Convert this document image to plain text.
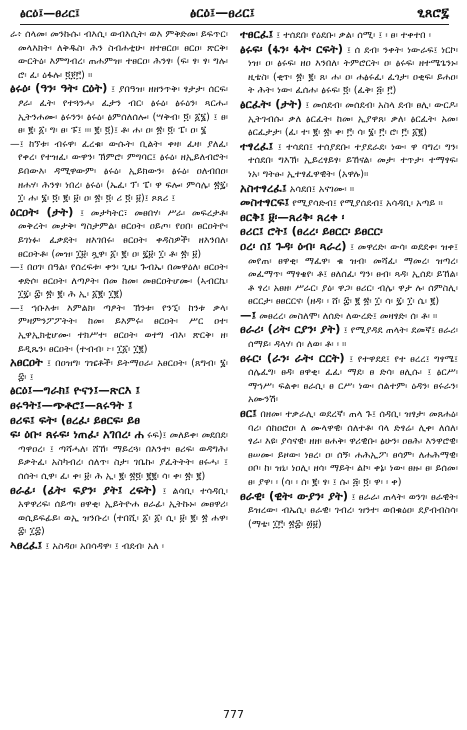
ፅርዕ፤—ፀሪር፤	ፅርዕ፤—ፀሪር፤	ፂጸሮ፯
ራ፥ ሰላመ፡ መንኩሱ፡ ብእሲ፡ ወብእሲት፡ ወእ ምቅድመ፡ ይፍጥር፡ መላእክት፡ ለቅዱስ፡ ሕን ስብሐቲሁ፡ ዘተፀርዐ፡ ፀርዐ፡ ጽርቅ፡ ውርትዕ፡ እምግብረ፡ ጠሐምዝ፡ ተፀርዐ፡ ሕንፃ፡ (ፍ፡ ፃ፡ ፃ፡ ግሉ፡ ሮ፡ ፈ፡ ዕፋሉ፡ ፬፻፫) ።
ፅሩዕ፡ (ዓን፡ ዓት፡ ርዕት) ፤ ያበዓዝ፡ ዘዘንጥቅ፡ ፃታታ፡ ሰርፍ፡ ፆራ፡ ፈት፡ የተጓንሓ፡ ፈታን ብር፡ ፅሩዕ፡ ፅሩዕን፡ ጻርሑ፡ ኢትንሐሙ፡ ፅሩንን፡ ፅሩዕ፡ ፅምሰለሰሎ፡ (ሣቅብ፡ ፬፡ ፩፮) ፤ ፀ፡ ፀ፡ ፪፡ ፩፡ ግ፡ ፀ፡ ፑ፤ ፡፡፡ ፪፡ ፬)፤ ቶ፡ ሐ፡ ዐ፡ ፳፡ ፬፡ ፔ፡ ዐ፡ ፮
—፤ ከኘቱ፡ ብሩዋ፡ ፈረቁ፡ ውሱት፡ ቢልት፡ ቀዛ፡ ፈዛ፡ ያለፈ፡ የቀረ፡ የተዝፈ፡ ውዋን፡ ኽምሮ፡ ምግባር፤ ፅሩዕ፡ ዘኢይለብሮት፡ ይበውእ፡ ዳሚዋውም፡ ፅሩዕ፡ ኢይክውን፡ ፅሩዕ፡ ዐለብበዐ፡ ዘሐሃ፡ ሕንፃ፡ ነበረ፡ ፅሩዕ፡ (ኤፈ፡ ፕ፡ ፔ፡ ዋ ፍሎ፡ ምሳሌ፡ ፳፯፡ ፲፡ ሐ፡ ፮፡ ፬፡ ፪፡ ፱፡ ዐ፡ ፳፡ ፬፡ ሪ ፬፡ ፱)፤ ጾጸሪ ፤
ዕርዐት፡ (ታት) ፤ መታካትር፣ መፀበሃ፡ ሥራ፡ መፍረታቶ፡ መቅረት፡ መታቅ፡ ግስታምል፡ ፀርዐት፡ ዐይጦ፡ የዐበ፡ ፀርዐትዮ፡ ይገነፉ፡ ፈቃደት፡ ዘእገበሩ፡ ፀርዐት፡ ቀዳስዎች፡ ዘእንበለ፡ ፀርዐትቶ፡ (መዝ፡ ፲፱፡ ጿዋ፡ ፩፡ ፪፡ ዐ፡ ፯፱፡ ፲፡ ቶ፡ ፳፡ ፱)
—፤ በዐገ፡ በዓል፡ የሰረፍቱ፡ ቀን፡ ጊዜ፡ ጉብኤ፡ በመዋዕለ፡ ፀርዐት፡ ቀድሶ፡ ፀርዐት፡ ለጣዖት፡ በመ ከመ፡ መፀርዐትሆሙ፡ (ኣብርኬ፡ ፲፯፡ ፰፡ ፳፡ ፪፡ ሕ ኢ፡ ፩፪፡ ፲፪)
—፤ ኀቡእቱ፡ እምልክ፡ ጣፆት፡ ኽንቱ፡ የንኚ፡ ከንቱ ቃላ፡ ምዛምንፖፖትት፡ ከመ፡ ይእምሩ፡ ፀርዐት፡ ሥር ዐተ፡ ኢዋኢክቲሆሙ፡ ተክሥተ፡ ፀርዐት፡ ወተግ ብእ፡ ጽርቅ፡ ዘ፡ ይዲጼን፡ ፀርዐት፡ (ተብብ፡ ፦፡ ፲፩፡ ፲፪)
አፀርዐት ፤ በዐዝግ፡ ገዤቶች፡ ይትማዐራ፡ አፀርዐት፡ (ጸግብ፡ ፮፡ ፰፡ ፤
ፅርዕ፤—ግራክ፤ ዮናን፤—ጽርእ ፤
ፀሩዓት፤—ጭቶሮ፤—ጸሩዓት ፤
ፀሪፍ፤ ፍት፡ (ፀረፈ፡ ይፀርፍ፡ ይፀ
ፍ፡ ዕቡ፡ ጸሩፍ፡ ነጠፈ፡ አገበረ፡ ሐ ሩፍ)፤ መለይቀ፡ መደበደ፡ ጣዋዐረ፡ ፤ ጣሻሓለ፡ ሸኸ፡ ማይረጓ፡ በእንተ፡ ፀሪፍ፡ ወዳግሕ፡ ይቃትፈ፡ አስካብረ፡ ሰለጥ፡ ስታ፡ ገቤኩ፡ ያፈትትት፡ ፀሩሓ፡ ፤ ሰሰት፡ ሲዋ፡ ፈ፡ ቀ፡ ፱፡ ሕ ኢ፡ ፪፡ ፳፬፡ ፪፪፡ ሳ፡ ቀ፡ ፳፡ ፪)
ፀራፊ፡ (ፊት፡ ፍያን፡ ያት፤ ረፍት) ፤ ልሳቢ፡ ተሳዳቢ፡ አዋዋሪፍ፡ ሰይጣ፡ ፀዋቂ፡ ኢይትዮሐ ፀራፊ፡ ኢትኩኑ፡ መፀዋሪ፡ ወሲይፍፊይ፡ ወኢ ዝንቡረ፡ (ተበሺ፡ ፩፡ ፩፡ ሲ፡ ፱፡ ፪፡ ፳ ሐዋ፡ ፰፡ ፲፰)
ኣፀረፈ፤ ፤ አስዳዐ፡ አበሳዳዋ፡ ፤ ብደብ፡ አለ ፡
ተፀርፈ፤ ፤ ተሰደበ፡ የዕደቡ፡ ቃል፡ ሰሚ፡ ፤ ፡ ፀ፡ ተቀተበ ፡
ፅሩፍ፡ (ፋን፡ ፋት፡ ርፍት) ፤ ሰ ደብ፡ ንቀት፡ ነውራፍ፤ ነርኮ፡ ነዝ፡ ዐ፡ ፅሩፍ፡ ዘዐ እንበለ፡ ትምሮርት፡ ዐ፡ ፅሩፍ፡ ዘተሜጌንኑ፡ ዚቴስ፡ (ቂጥ፡ ፳፡ ፪፡ ጸ፡ ሐ፡ ዐ፡ ሐፅሩፈ፡ ፈጎታ፡ ዐቂፍ፡ ይሐዐ፡ ት ሕት፡ ነው፡ ፈሰሐ፡ ፅሩፍ፡ ፬፡ (ፈቅ፡ ፭፡ ፫)
ፅርፈት፡ (ታት) ፤ መሰደብ፡ መሰደብ፡ አስላ ደብ፡ ፀሊ፡ ውርዶ፡ ኢትገብሱ፡ ቃለ ፅርፈት፡ ከመ፡ ኢያዋጸ፡ ቃለ፡ ፅርፈት፡ አመ፡ ፅርፈታታ፡ (ፈ፡ ተ፡ ፪፡ ፳፡ ቀ፡ ፫፡ ሳ፡ ፮፡ ፫፡ ሮ፡ ፫፡ ፩፪)
ተፃረፈ፤ ፤ ተሳደበ፤ ተሰያደቡ፡ ተያደራደ፡ ነው፡ ዋ ባግረ፡ ግን፡ ተሰደበ፡ ግእኽ፡ ኢይረፃይፃ፡ ይኸናል፡ መታ፡ ተጥታ፡ ተማፃፍ፡ ነአ፡ ግትፁ፡ ኢተፃፈዋዊት፡ (አዋሉ)።
አስተፃረፈ፤ አሳደበ፤ አናገሙ፡ ።
መስተፃርፍ፤ የሚያሳድብ፤ የሚያሰደብ፤ አሳዳቢ፡ አጣይ ።
ፀርቅ፤ ፱፡—ጸሪቅ፡ ጸረቀ ፡
ፀሪር፤ ሮት፤ (ፀረረ፡ ይፀርር፡ ይፀርር፡
ዐረ፡ ሰ፤ ጉዳ፡ ዕብ፡ ጻራረ) ፤ መዋረድ፡ ውሳ፡ ወደደቀ፡ ዝቀ፤ መየጠ፡ ፀዋቂ፡ ማፈዋ፡ ቁ ዝብ፡ መሻፈ፡ ማመረ፡ ዝጣረ፡ መፈማጥ፡ ማፃቄየ፡ ቶ፤ ፀለሰፈ፡ ግን፡ ፀብ፡ ጻዳ፡ ኢሰደ፡ ይኸል፡ ቶ ፃረ፡ አፀዘ፡ ሥራር፡ ያዕ፡ ዋጋ፡ ፀሪር፡ ብሌ፡ ዋታ ሉ፡ ሰምስሊ፡ ፀርርታ፡ ፀፀርርና፡ (ዘዳ፡ ፡ ሸ፡ ፰፡ ፪ ፳፡ ፲፡ ሳ፡ ፯፡ ፲፡ ሴ፡ ፪)
—፤ መፀረረ፡ መስለሞ፡ ለሰድ፡ ለውረድ፤ መዛፃድ፡ ሰ፡ ቶ፡ ።
ፀራሪ፡ (ሪት፡ ርያን፡ ያት) ፤ የሚያዳደ ጠላት፡ ደመኛ፤ ፀራሪ፡ ሰማይ፡ ዳላሃ፡ ሰ፡ ለወ፡ ቶ፡ ፡ ።
ፀሩር፡ (ራን፡ ራት፡ ርርት) ፤ የተዋደደ፤ የተ ፀረረ፤ ግፃሜ፤ ሰሌፈግ፡ ፀዳ፡ ፀዋቂ፡ ፈፈ፡ ማደ፡ ፀ ድሳ፡ ፀሊሱ፡ ፤ ፅርሥ፡ ማኀሥ፡ ፍልቀ፡ ፀራሲ፡ ፀ ርሥ፡ ነው፡ ሰልተም፡ ዕዳን፡ ፀሩራን፡ አሙንሽ፡
ፀር፤ በዘመ፡ ተቃራሊ፡ ወደረኛ፡ ጠላ ጉ፤ ሰዳቢ፡ ዝፃታ፡ መጸሐዕ፡ ባሪ፡ ሰከዐሮዐ፡ ለ ሙላዋዊ፡ ሰለተቶ፡ ባላ ድፃሬ፡ ሊቀ፡ ለሰለ፡ ፃራ፡ እዩ፡ ያሳናዊ፡ ዘዘ፡ ፀሐቅ፡ ዋሪዊቡ፡ ፅሁን፡ ዐፀሕ፡ እንዋሮዊ፡ ፀሠሙ፡ ይዞው፡ ነፀረ፡ ዐ፡ ሰኝ፡ ሐሕኢፖ፡ ፀሳም፡ ለሐሕማዊ፡ ዐቦ፡ ከ፡ ዝኒ፡ ነዐሊ፡ ዘሳ፡ ማይት፡ ልኮ፡ ቀኔ፡ ነው፡ ፀዙ፡ ፀ፡ ይሰመ፡ ፀ፡ ያዋ፡ ፡ (ሳ፡ ፡ ሰ፡ ፪፡ ፃ፡ ፤ ሱ፡ ፭፡ ፬፡ ዋ፡ ፡ ቀ)
ፀራዊ፡ (ዊት፡ ውያን፡ ያት) ፤ ፀራራ፡ ጠላት፡ ወንገ፡ ፀራዊት፡ ይዝረው፡ ብኤሲ፡ ፀራዊ፡ ገብረ፡ ዝንተ፡ ወበቁዕዐ፡ ደያብብስሳ፡ (ማቴ፡ ፲፫፡ ፳፰፡ ፴፱)
777
